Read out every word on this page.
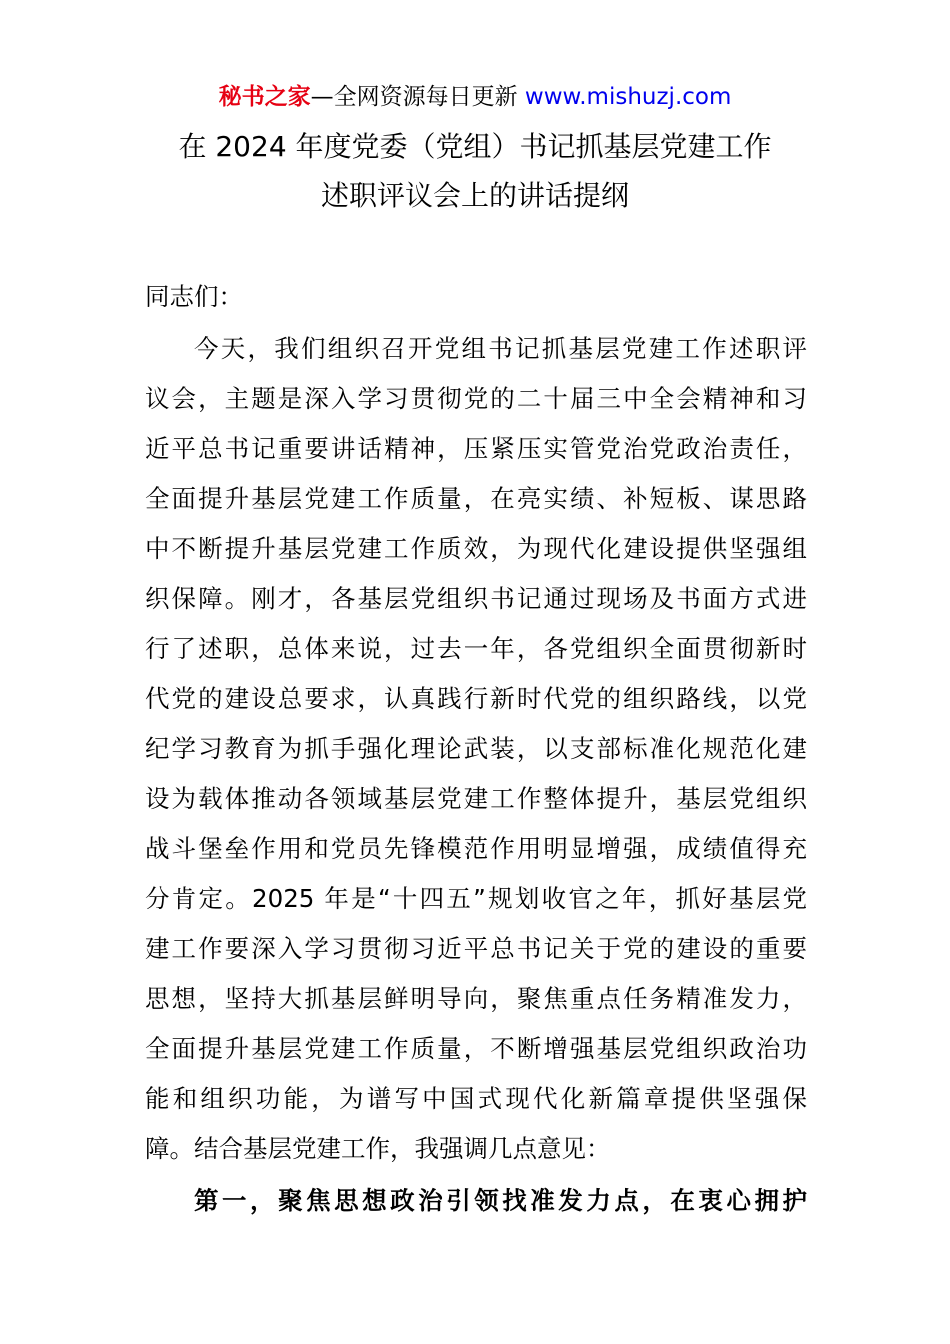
秘书之家—全网资源每日更新 www.mishuzj.com
在 2024 年度党委（党组）书记抓基层党建工作
述职评议会上的讲话提纲
同志们：
今天，我们组织召开党组书记抓基层党建工作述职评
议会，主题是深入学习贯彻党的二十届三中全会精神和习
近平总书记重要讲话精神，压紧压实管党治党政治责任，
全面提升基层党建工作质量，在亮实绩、补短板、谋思路
中不断提升基层党建工作质效，为现代化建设提供坚强组
织保障。刚才，各基层党组织书记通过现场及书面方式进
行了述职，总体来说，过去一年，各党组织全面贯彻新时
代党的建设总要求，认真践行新时代党的组织路线，以党
纪学习教育为抓手强化理论武装，以支部标准化规范化建
设为载体推动各领域基层党建工作整体提升，基层党组织
战斗堡垒作用和党员先锋模范作用明显增强，成绩值得充
分肯定。2025 年是“十四五”规划收官之年，抓好基层党
建工作要深入学习贯彻习近平总书记关于党的建设的重要
思想，坚持大抓基层鲜明导向，聚焦重点任务精准发力，
全面提升基层党建工作质量，不断增强基层党组织政治功
能和组织功能，为谱写中国式现代化新篇章提供坚强保
障。结合基层党建工作，我强调几点意见：
第一，聚焦思想政治引领找准发力点，在衷心拥护
